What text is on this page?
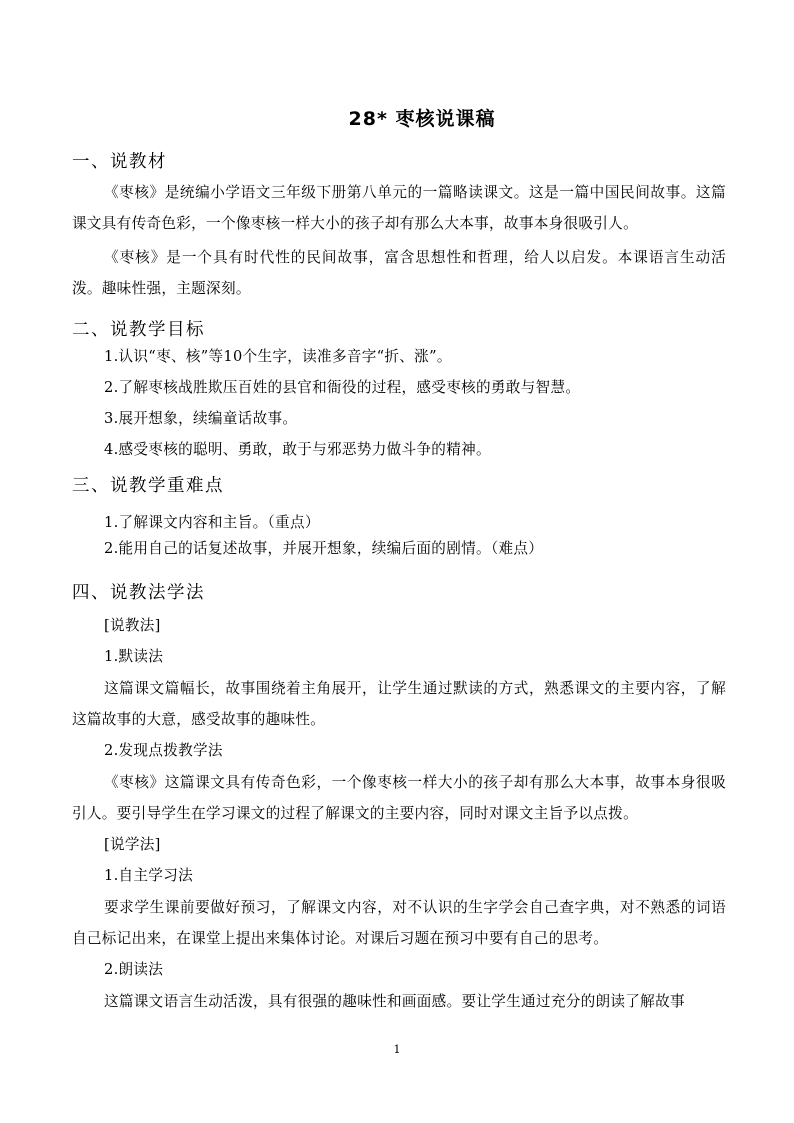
28* 枣核说课稿
一、说教材
《枣核》是统编小学语文三年级下册第八单元的一篇略读课文。这是一篇中国民间故事。这篇课文具有传奇色彩，一个像枣核一样大小的孩子却有那么大本事，故事本身很吸引人。
《枣核》是一个具有时代性的民间故事，富含思想性和哲理，给人以启发。本课语言生动活泼。趣味性强，主题深刻。
二、说教学目标
1.认识“枣、核”等10个生字，读准多音字“折、涨”。
2.了解枣核战胜欺压百姓的县官和衙役的过程，感受枣核的勇敢与智慧。
3.展开想象，续编童话故事。
4.感受枣核的聪明、勇敢，敢于与邪恶势力做斗争的精神。
三、说教学重难点
1.了解课文内容和主旨。（重点）
2.能用自己的话复述故事，并展开想象，续编后面的剧情。（难点）
四、说教法学法
[说教法]
1.默读法
这篇课文篇幅长，故事围绕着主角展开，让学生通过默读的方式，熟悉课文的主要内容，了解这篇故事的大意，感受故事的趣味性。
2.发现点拨教学法
《枣核》这篇课文具有传奇色彩，一个像枣核一样大小的孩子却有那么大本事，故事本身很吸引人。要引导学生在学习课文的过程了解课文的主要内容，同时对课文主旨予以点拨。
[说学法]
1.自主学习法
要求学生课前要做好预习，了解课文内容，对不认识的生字学会自己查字典，对不熟悉的词语自己标记出来，在课堂上提出来集体讨论。对课后习题在预习中要有自己的思考。
2.朗读法
这篇课文语言生动活泼，具有很强的趣味性和画面感。要让学生通过充分的朗读了解故事
1
